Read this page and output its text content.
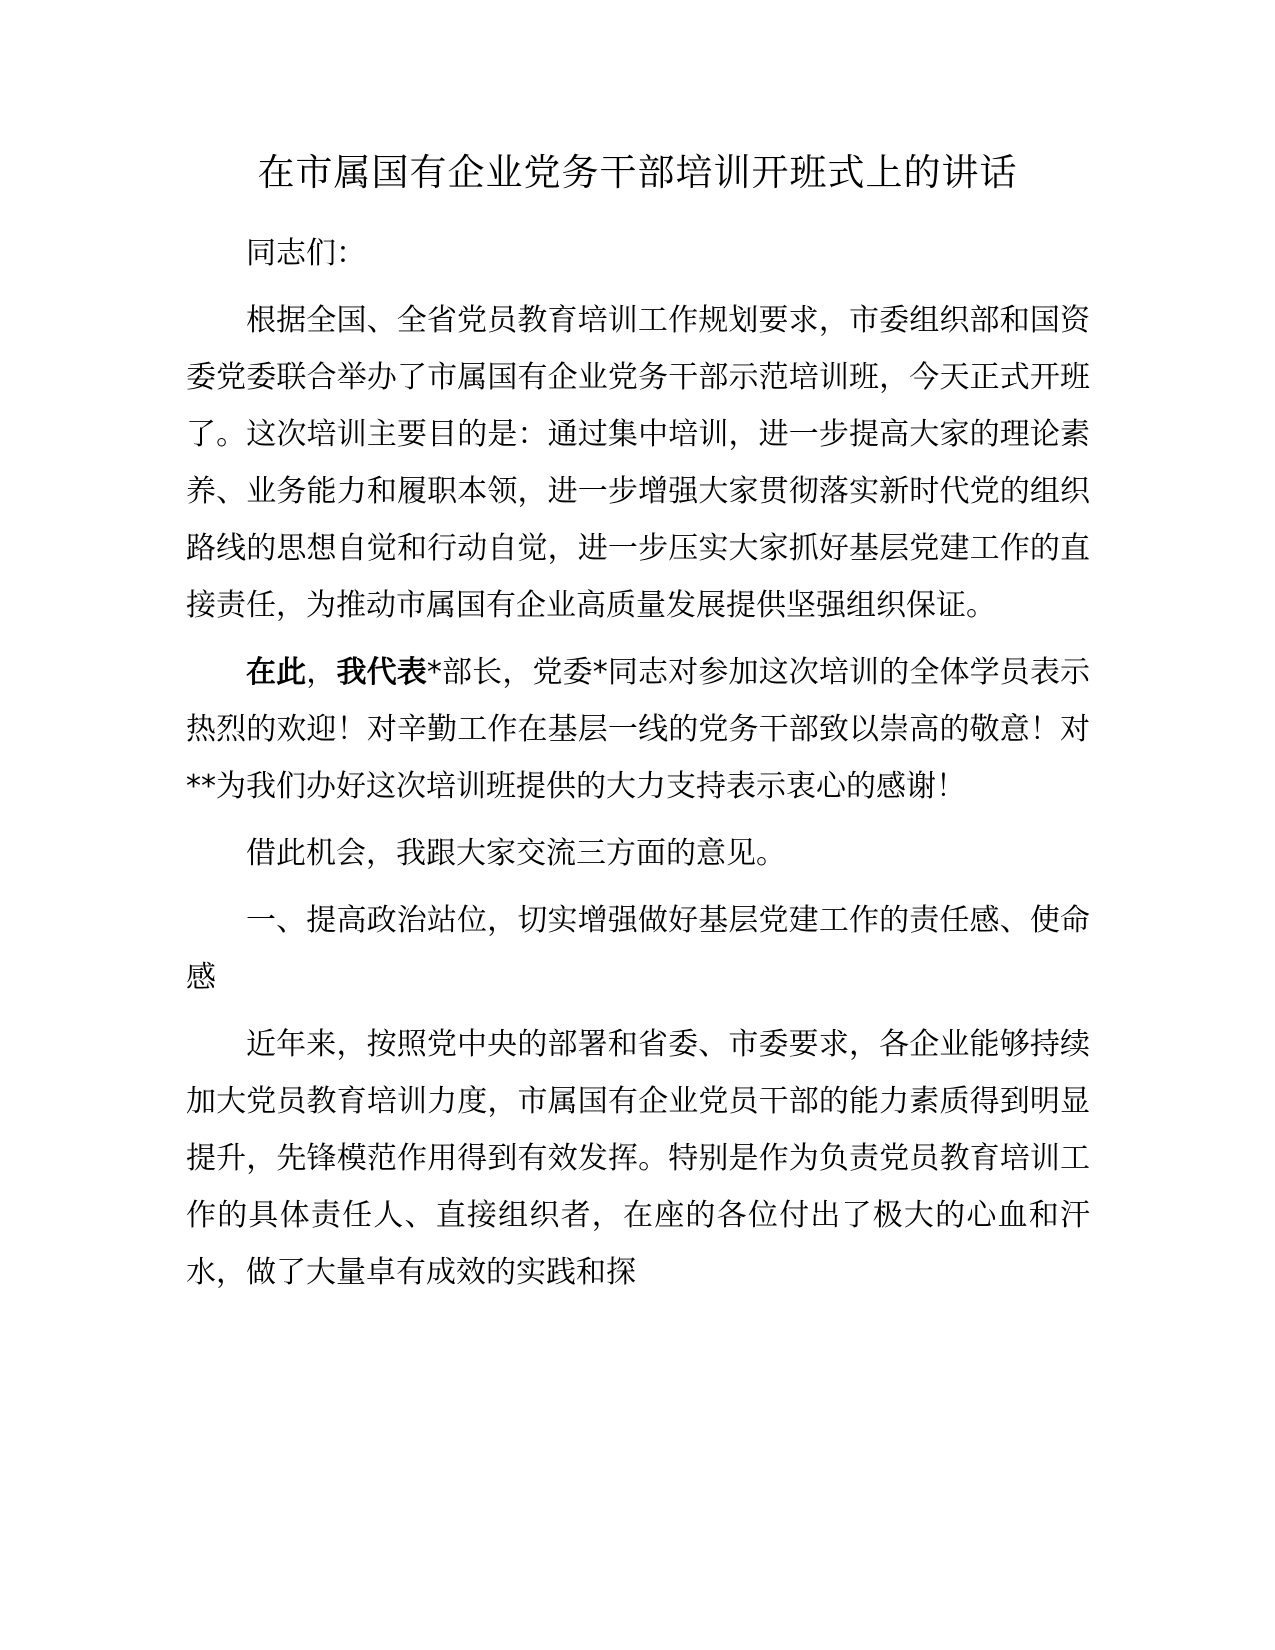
在市属国有企业党务干部培训开班式上的讲话

同志们：

根据全国、全省党员教育培训工作规划要求，市委组织部和国资委党委联合举办了市属国有企业党务干部示范培训班，今天正式开班了。这次培训主要目的是：通过集中培训，进一步提高大家的理论素养、业务能力和履职本领，进一步增强大家贯彻落实新时代党的组织路线的思想自觉和行动自觉，进一步压实大家抓好基层党建工作的直接责任，为推动市属国有企业高质量发展提供坚强组织保证。

在此，我代表*部长，党委*同志对参加这次培训的全体学员表示热烈的欢迎！对辛勤工作在基层一线的党务干部致以崇高的敬意！对**为我们办好这次培训班提供的大力支持表示衷心的感谢！

借此机会，我跟大家交流三方面的意见。

一、提高政治站位，切实增强做好基层党建工作的责任感、使命感

近年来，按照党中央的部署和省委、市委要求，各企业能够持续加大党员教育培训力度，市属国有企业党员干部的能力素质得到明显提升，先锋模范作用得到有效发挥。特别是作为负责党员教育培训工作的具体责任人、直接组织者，在座的各位付出了极大的心血和汗水，做了大量卓有成效的实践和探
